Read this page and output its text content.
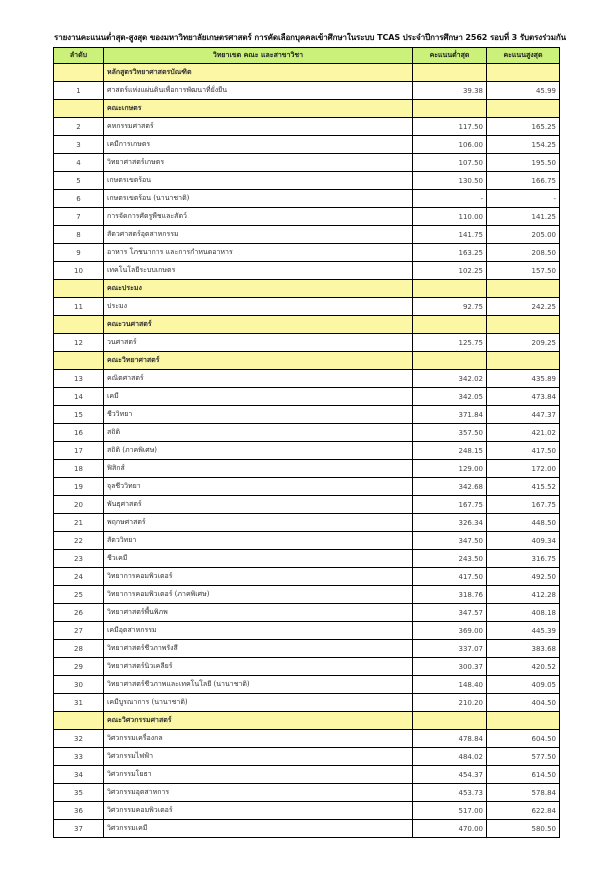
รายงานคะแนนต่ำสุด-สูงสุด ของมหาวิทยาลัยเกษตรศาสตร์ การคัดเลือกบุคคลเข้าศึกษาในระบบ TCAS ประจำปีการศึกษา 2562 รอบที่ 3 รับตรงร่วมกัน
ลำดับ	วิทยาเขต คณะ และสาขาวิชา	คะแนนต่ำสุด	คะแนนสูงสุด
	หลักสูตรวิทยาศาสตรบัณฑิต		
1	ศาสตร์แห่งแผ่นดินเพื่อการพัฒนาที่ยั่งยืน	39.38	45.99
	คณะเกษตร		
2	คหกรรมศาสตร์	117.50	165.25
3	เคมีการเกษตร	106.00	154.25
4	วิทยาศาสตร์เกษตร	107.50	195.50
5	เกษตรเขตร้อน	130.50	166.75
6	เกษตรเขตร้อน (นานาชาติ)	-	-
7	การจัดการศัตรูพืชและสัตว์	110.00	141.25
8	สัตวศาสตร์อุตสาหกรรม	141.75	205.00
9	อาหาร โภชนาการ และการกำหนดอาหาร	163.25	208.50
10	เทคโนโลยีระบบเกษตร	102.25	157.50
	คณะประมง		
11	ประมง	92.75	242.25
	คณะวนศาสตร์		
12	วนศาสตร์	125.75	209.25
	คณะวิทยาศาสตร์		
13	คณิตศาสตร์	342.02	435.89
14	เคมี	342.05	473.84
15	ชีววิทยา	371.84	447.37
16	สถิติ	357.50	421.02
17	สถิติ (ภาคพิเศษ)	248.15	417.50
18	ฟิสิกส์	129.00	172.00
19	จุลชีววิทยา	342.68	415.52
20	พันธุศาสตร์	167.75	167.75
21	พฤกษศาสตร์	326.34	448.50
22	สัตววิทยา	347.50	409.34
23	ชีวเคมี	243.50	316.75
24	วิทยาการคอมพิวเตอร์	417.50	492.50
25	วิทยาการคอมพิวเตอร์ (ภาคพิเศษ)	318.76	412.28
26	วิทยาศาสตร์พื้นพิภพ	347.57	408.18
27	เคมีอุตสาหกรรม	369.00	445.39
28	วิทยาศาสตร์ชีวภาพรังสี	337.07	383.68
29	วิทยาศาสตร์นิวเคลียร์	300.37	420.52
30	วิทยาศาสตร์ชีวภาพและเทคโนโลยี (นานาชาติ)	148.40	409.05
31	เคมีบูรณาการ (นานาชาติ)	210.20	404.50
	คณะวิศวกรรมศาสตร์		
32	วิศวกรรมเครื่องกล	478.84	604.50
33	วิศวกรรมไฟฟ้า	484.02	577.50
34	วิศวกรรมโยธา	454.37	614.50
35	วิศวกรรมอุตสาหการ	453.73	578.84
36	วิศวกรรมคอมพิวเตอร์	517.00	622.84
37	วิศวกรรมเคมี	470.00	580.50
